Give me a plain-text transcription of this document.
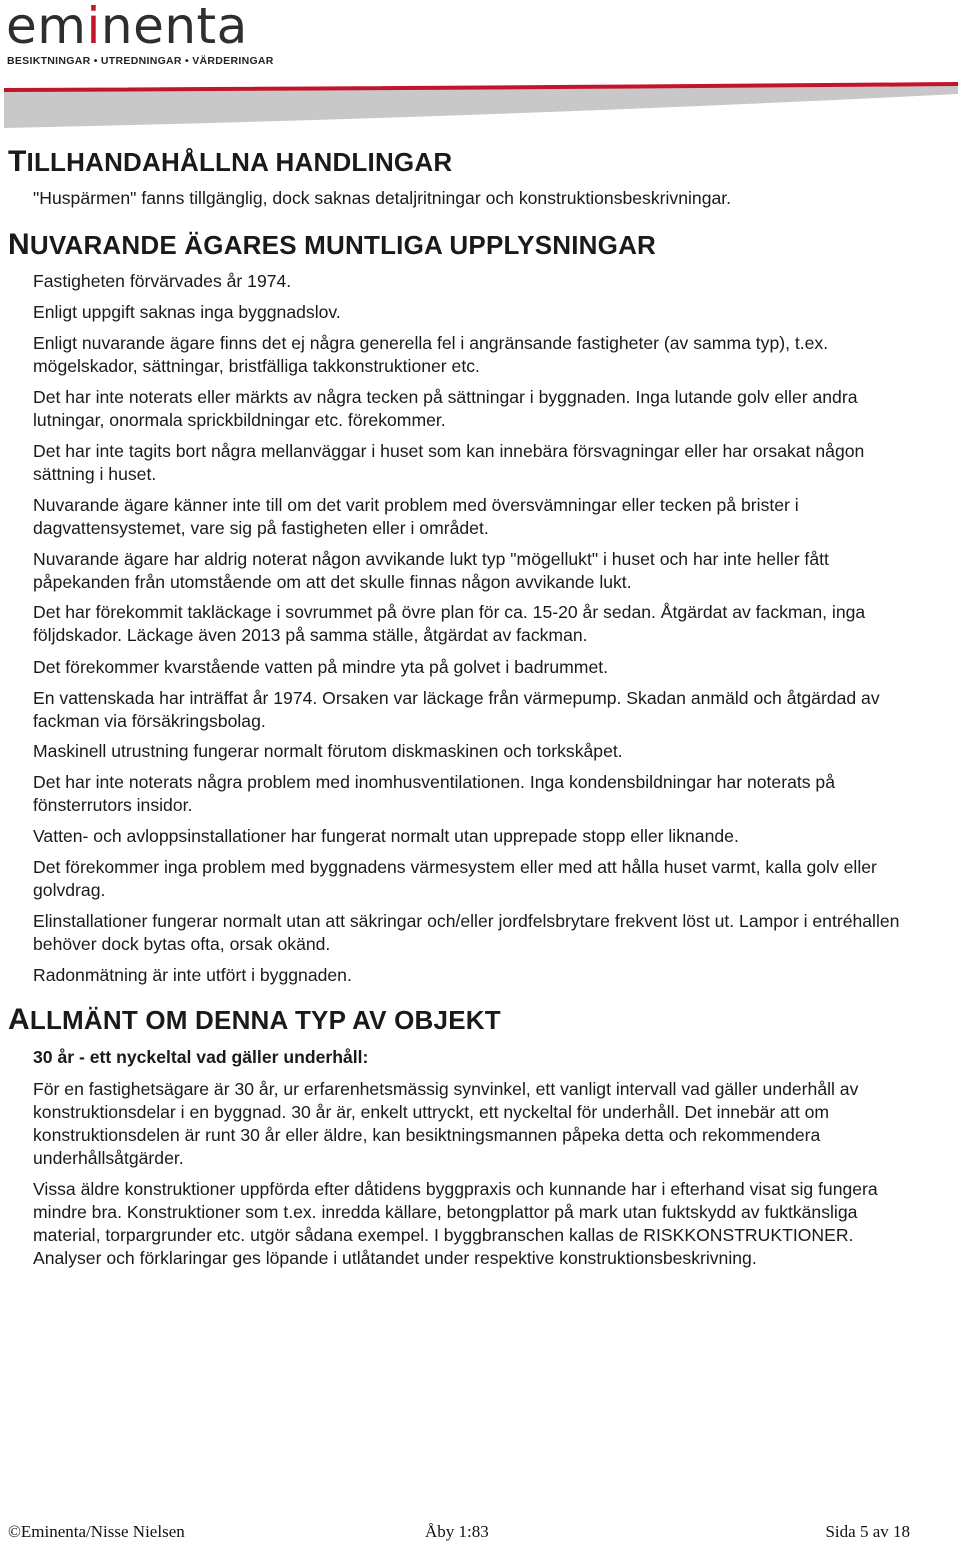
eminenta
BESIKTNINGAR • UTREDNINGAR • VÄRDERINGAR
TILLHANDAHÅLLNA HANDLINGAR

"Huspärmen" fanns tillgänglig, dock saknas detaljritningar och konstruktionsbeskrivningar.

NUVARANDE ÄGARES MUNTLIGA UPPLYSNINGAR

Fastigheten förvärvades år 1974.

Enligt uppgift saknas inga byggnadslov.

Enligt nuvarande ägare finns det ej några generella fel i angränsande fastigheter (av samma typ), t.ex. mögelskador, sättningar, bristfälliga takkonstruktioner etc.

Det har inte noterats eller märkts av några tecken på sättningar i byggnaden. Inga lutande golv eller andra lutningar, onormala sprickbildningar etc. förekommer.

Det har inte tagits bort några mellanväggar i huset som kan innebära försvagningar eller har orsakat någon sättning i huset.

Nuvarande ägare känner inte till om det varit problem med översvämningar eller tecken på brister i dagvattensystemet, vare sig på fastigheten eller i området.

Nuvarande ägare har aldrig noterat någon avvikande lukt typ "mögellukt" i huset och har inte heller fått påpekanden från utomstående om att det skulle finnas någon avvikande lukt.

Det har förekommit takläckage i sovrummet på övre plan för ca. 15-20 år sedan. Åtgärdat av fackman, inga följdskador. Läckage även 2013 på samma ställe, åtgärdat av fackman.

Det förekommer kvarstående vatten på mindre yta på golvet i badrummet.

En vattenskada har inträffat år 1974. Orsaken var läckage från värmepump. Skadan anmäld och åtgärdad av fackman via försäkringsbolag.

Maskinell utrustning fungerar normalt förutom diskmaskinen och torkskåpet.

Det har inte noterats några problem med inomhusventilationen. Inga kondensbildningar har noterats på fönsterrutors insidor.

Vatten- och avloppsinstallationer har fungerat normalt utan upprepade stopp eller liknande.

Det förekommer inga problem med byggnadens värmesystem eller med att hålla huset varmt, kalla golv eller golvdrag.

Elinstallationer fungerar normalt utan att säkringar och/eller jordfelsbrytare frekvent löst ut. Lampor i entréhallen behöver dock bytas ofta, orsak okänd.

Radonmätning är inte utfört i byggnaden.

ALLMÄNT OM DENNA TYP AV OBJEKT

30 år - ett nyckeltal vad gäller underhåll:

För en fastighetsägare är 30 år, ur erfarenhetsmässig synvinkel, ett vanligt intervall vad gäller underhåll av konstruktionsdelar i en byggnad. 30 år är, enkelt uttryckt, ett nyckeltal för underhåll. Det innebär att om konstruktionsdelen är runt 30 år eller äldre, kan besiktningsmannen påpeka detta och rekommendera underhållsåtgärder.

Vissa äldre konstruktioner uppförda efter dåtidens byggpraxis och kunnande har i efterhand visat sig fungera mindre bra. Konstruktioner som t.ex. inredda källare, betongplattor på mark utan fuktskydd av fuktkänsliga material, torpargrunder etc. utgör sådana exempel. I byggbranschen kallas de RISKKONSTRUKTIONER. Analyser och förklaringar ges löpande i utlåtandet under respektive konstruktionsbeskrivning.

©Eminenta/Nisse Nielsen	Åby 1:83	Sida 5 av 18
